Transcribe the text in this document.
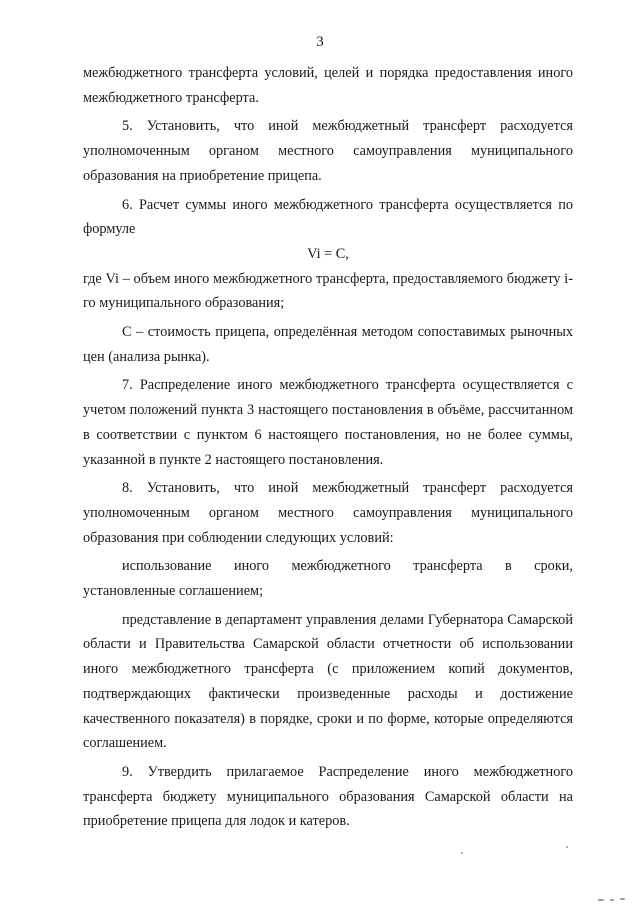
3

межбюджетного трансферта условий, целей и порядка предоставления иного межбюджетного трансферта.

5. Установить, что иной межбюджетный трансферт расходуется уполномоченным органом местного самоуправления муниципального образования на приобретение прицепа.

6. Расчет суммы иного межбюджетного трансферта осуществляется по формуле

Vi = C,

где Vi – объем иного межбюджетного трансферта, предоставляемого бюджету i-го муниципального образования;

C – стоимость прицепа, определённая методом сопоставимых рыночных цен (анализа рынка).

7. Распределение иного межбюджетного трансферта осуществляется с учетом положений пункта 3 настоящего постановления в объёме, рассчитанном в соответствии с пунктом 6 настоящего постановления, но не более суммы, указанной в пункте 2 настоящего постановления.

8. Установить, что иной межбюджетный трансферт расходуется уполномоченным органом местного самоуправления муниципального образования при соблюдении следующих условий:

использование иного межбюджетного трансферта в сроки, установленные соглашением;

представление в департамент управления делами Губернатора Самарской области и Правительства Самарской области отчетности об использовании иного межбюджетного трансферта (с приложением копий документов, подтверждающих фактически произведенные расходы и достижение качественного показателя) в порядке, сроки и по форме, которые определяются соглашением.

9. Утвердить прилагаемое Распределение иного межбюджетного трансферта бюджету муниципального образования Самарской области на приобретение прицепа для лодок и катеров.
